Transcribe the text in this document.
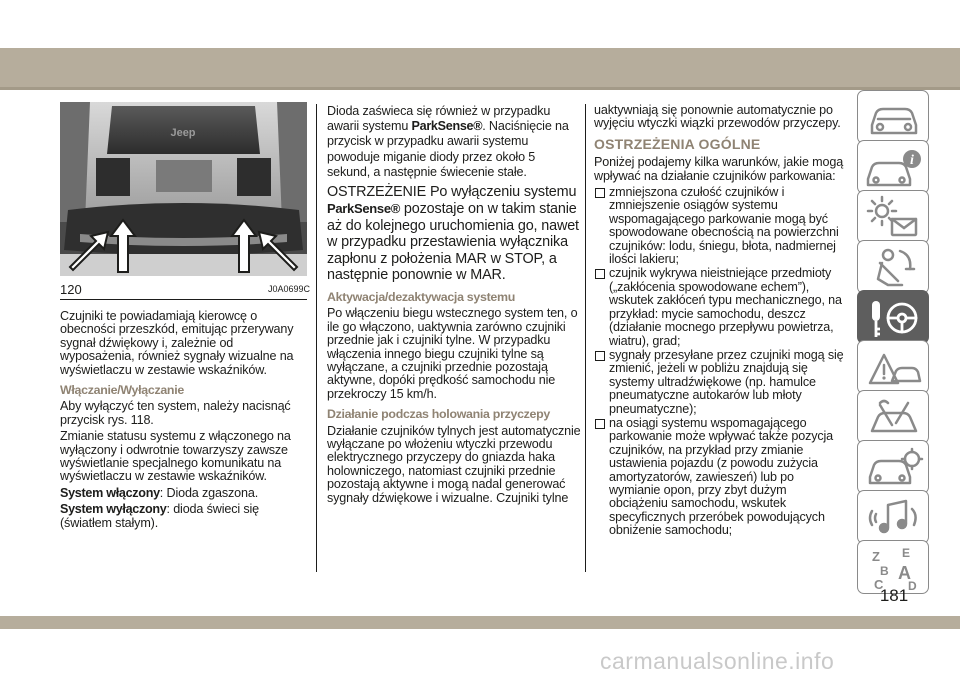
Jeep
120	J0A0699C

Czujniki te powiadamiają kierowcę o obecności przeszkód, emitując przerywany sygnał dźwiękowy i, zależnie od wyposażenia, również sygnały wizualne na wyświetlaczu w zestawie wskaźników.

Włączanie/Wyłączanie

Aby wyłączyć ten system, należy nacisnąć przycisk rys. 118.

Zmianie statusu systemu z włączonego na wyłączony i odwrotnie towarzyszy zawsze wyświetlanie specjalnego komunikatu na wyświetlaczu w zestawie wskaźników.

System włączony: Dioda zgaszona.

System wyłączony: dioda świeci się (światłem stałym).

Dioda zaświeca się również w przypadku awarii systemu ParkSense®. Naciśnięcie na przycisk w przypadku awarii systemu powoduje miganie diody przez około 5 sekund, a następnie świecenie stałe.

OSTRZEŻENIE Po wyłączeniu systemu

ParkSense® pozostaje on w takim stanie aż do kolejnego uruchomienia go, nawet w przypadku przestawienia wyłącznika zapłonu z położenia MAR w STOP, a następnie ponownie w MAR.

Aktywacja/dezaktywacja systemu

Po włączeniu biegu wstecznego system ten, o ile go włączono, uaktywnia zarówno czujniki przednie jak i czujniki tylne. W przypadku włączenia innego biegu czujniki tylne są wyłączane, a czujniki przednie pozostają aktywne, dopóki prędkość samochodu nie przekroczy 15 km/h.

Działanie podczas holowania przyczepy

Działanie czujników tylnych jest automatycznie wyłączane po włożeniu wtyczki przewodu elektrycznego przyczepy do gniazda haka holowniczego, natomiast czujniki przednie pozostają aktywne i mogą nadal generować sygnały dźwiękowe i wizualne. Czujniki tylne

uaktywniają się ponownie automatycznie po wyjęciu wtyczki wiązki przewodów przyczepy.

OSTRZEŻENIA OGÓLNE

Poniżej podajemy kilka warunków, jakie mogą wpływać na działanie czujników parkowania:

zmniejszona czułość czujników i zmniejszenie osiągów systemu wspomagającego parkowanie mogą być spowodowane obecnością na powierzchni czujników: lodu, śniegu, błota, nadmiernej ilości lakieru;
czujnik wykrywa nieistniejące przedmioty („zakłócenia spowodowane echem”), wskutek zakłóceń typu mechanicznego, na przykład: mycie samochodu, deszcz (działanie mocnego przepływu powietrza, wiatru), grad;
sygnały przesyłane przez czujniki mogą się zmienić, jeżeli w pobliżu znajdują się systemy ultradźwiękowe (np. hamulce pneumatyczne autokarów lub młoty pneumatyczne);
na osiągi systemu wspomagającego parkowanie może wpływać także pozycja czujników, na przykład przy zmianie ustawienia pojazdu (z powodu zużycia amortyzatorów, zawieszeń) lub po wymianie opon, przy zbyt dużym obciążeniu samochodu, wskutek specyficznych przeróbek powodujących obniżenie samochodu;
i
Z E
B A
C D
181
carmanualsonline.info
